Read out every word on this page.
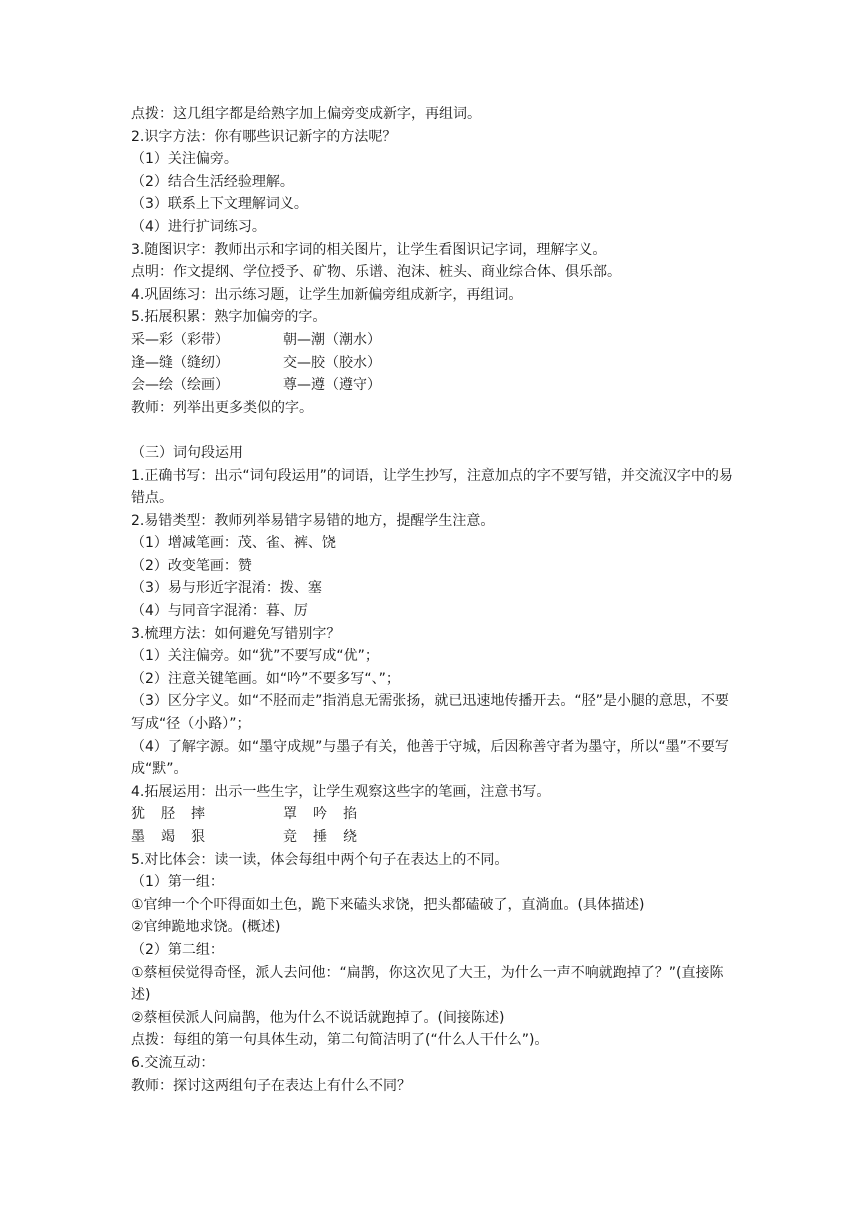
点拨：这几组字都是给熟字加上偏旁变成新字，再组词。
2.识字方法：你有哪些识记新字的方法呢？
（1）关注偏旁。
（2）结合生活经验理解。
（3）联系上下文理解词义。
（4）进行扩词练习。
3.随图识字：教师出示和字词的相关图片，让学生看图识记字词，理解字义。
点明：作文提纲、学位授予、矿物、乐谱、泡沫、桩头、商业综合体、俱乐部。
4.巩固练习：出示练习题，让学生加新偏旁组成新字，再组词。
5.拓展积累：熟字加偏旁的字。
采—彩（彩带）	朝—潮（潮水）
逢—缝（缝纫）	交—胶（胶水）
会—绘（绘画）	尊—遵（遵守）
教师：列举出更多类似的字。
（三）词句段运用
1.正确书写：出示“词句段运用”的词语，让学生抄写，注意加点的字不要写错，并交流汉字中的易错点。
2.易错类型：教师列举易错字易错的地方，提醒学生注意。
（1）增减笔画：茂、雀、裤、饶
（2）改变笔画：赞
（3）易与形近字混淆：拨、塞
（4）与同音字混淆：暮、厉
3.梳理方法：如何避免写错别字？
（1）关注偏旁。如“犹”不要写成“优”；
（2）注意关键笔画。如“吟”不要多写“、”；
（3）区分字义。如“不胫而走”指消息无需张扬，就已迅速地传播开去。“胫”是小腿的意思，不要写成“径（小路）”；
（4）了解字源。如“墨守成规”与墨子有关，他善于守城，后因称善守者为墨守，所以“墨”不要写成“默”。
4.拓展运用：出示一些生字，让学生观察这些字的笔画，注意书写。
犹 胫 摔	罩 吟 掐
墨 竭 狠	竞 捶 绕
5.对比体会：读一读，体会每组中两个句子在表达上的不同。
（1）第一组：
①官绅一个个吓得面如土色，跪下来磕头求饶，把头都磕破了，直淌血。(具体描述)
②官绅跪地求饶。(概述)
（2）第二组：
①蔡桓侯觉得奇怪，派人去问他：“扁鹊，你这次见了大王，为什么一声不响就跑掉了？”(直接陈述)
②蔡桓侯派人问扁鹊，他为什么不说话就跑掉了。(间接陈述)
点拨：每组的第一句具体生动，第二句简洁明了(“什么人干什么”)。
6.交流互动：
教师：探讨这两组句子在表达上有什么不同？
